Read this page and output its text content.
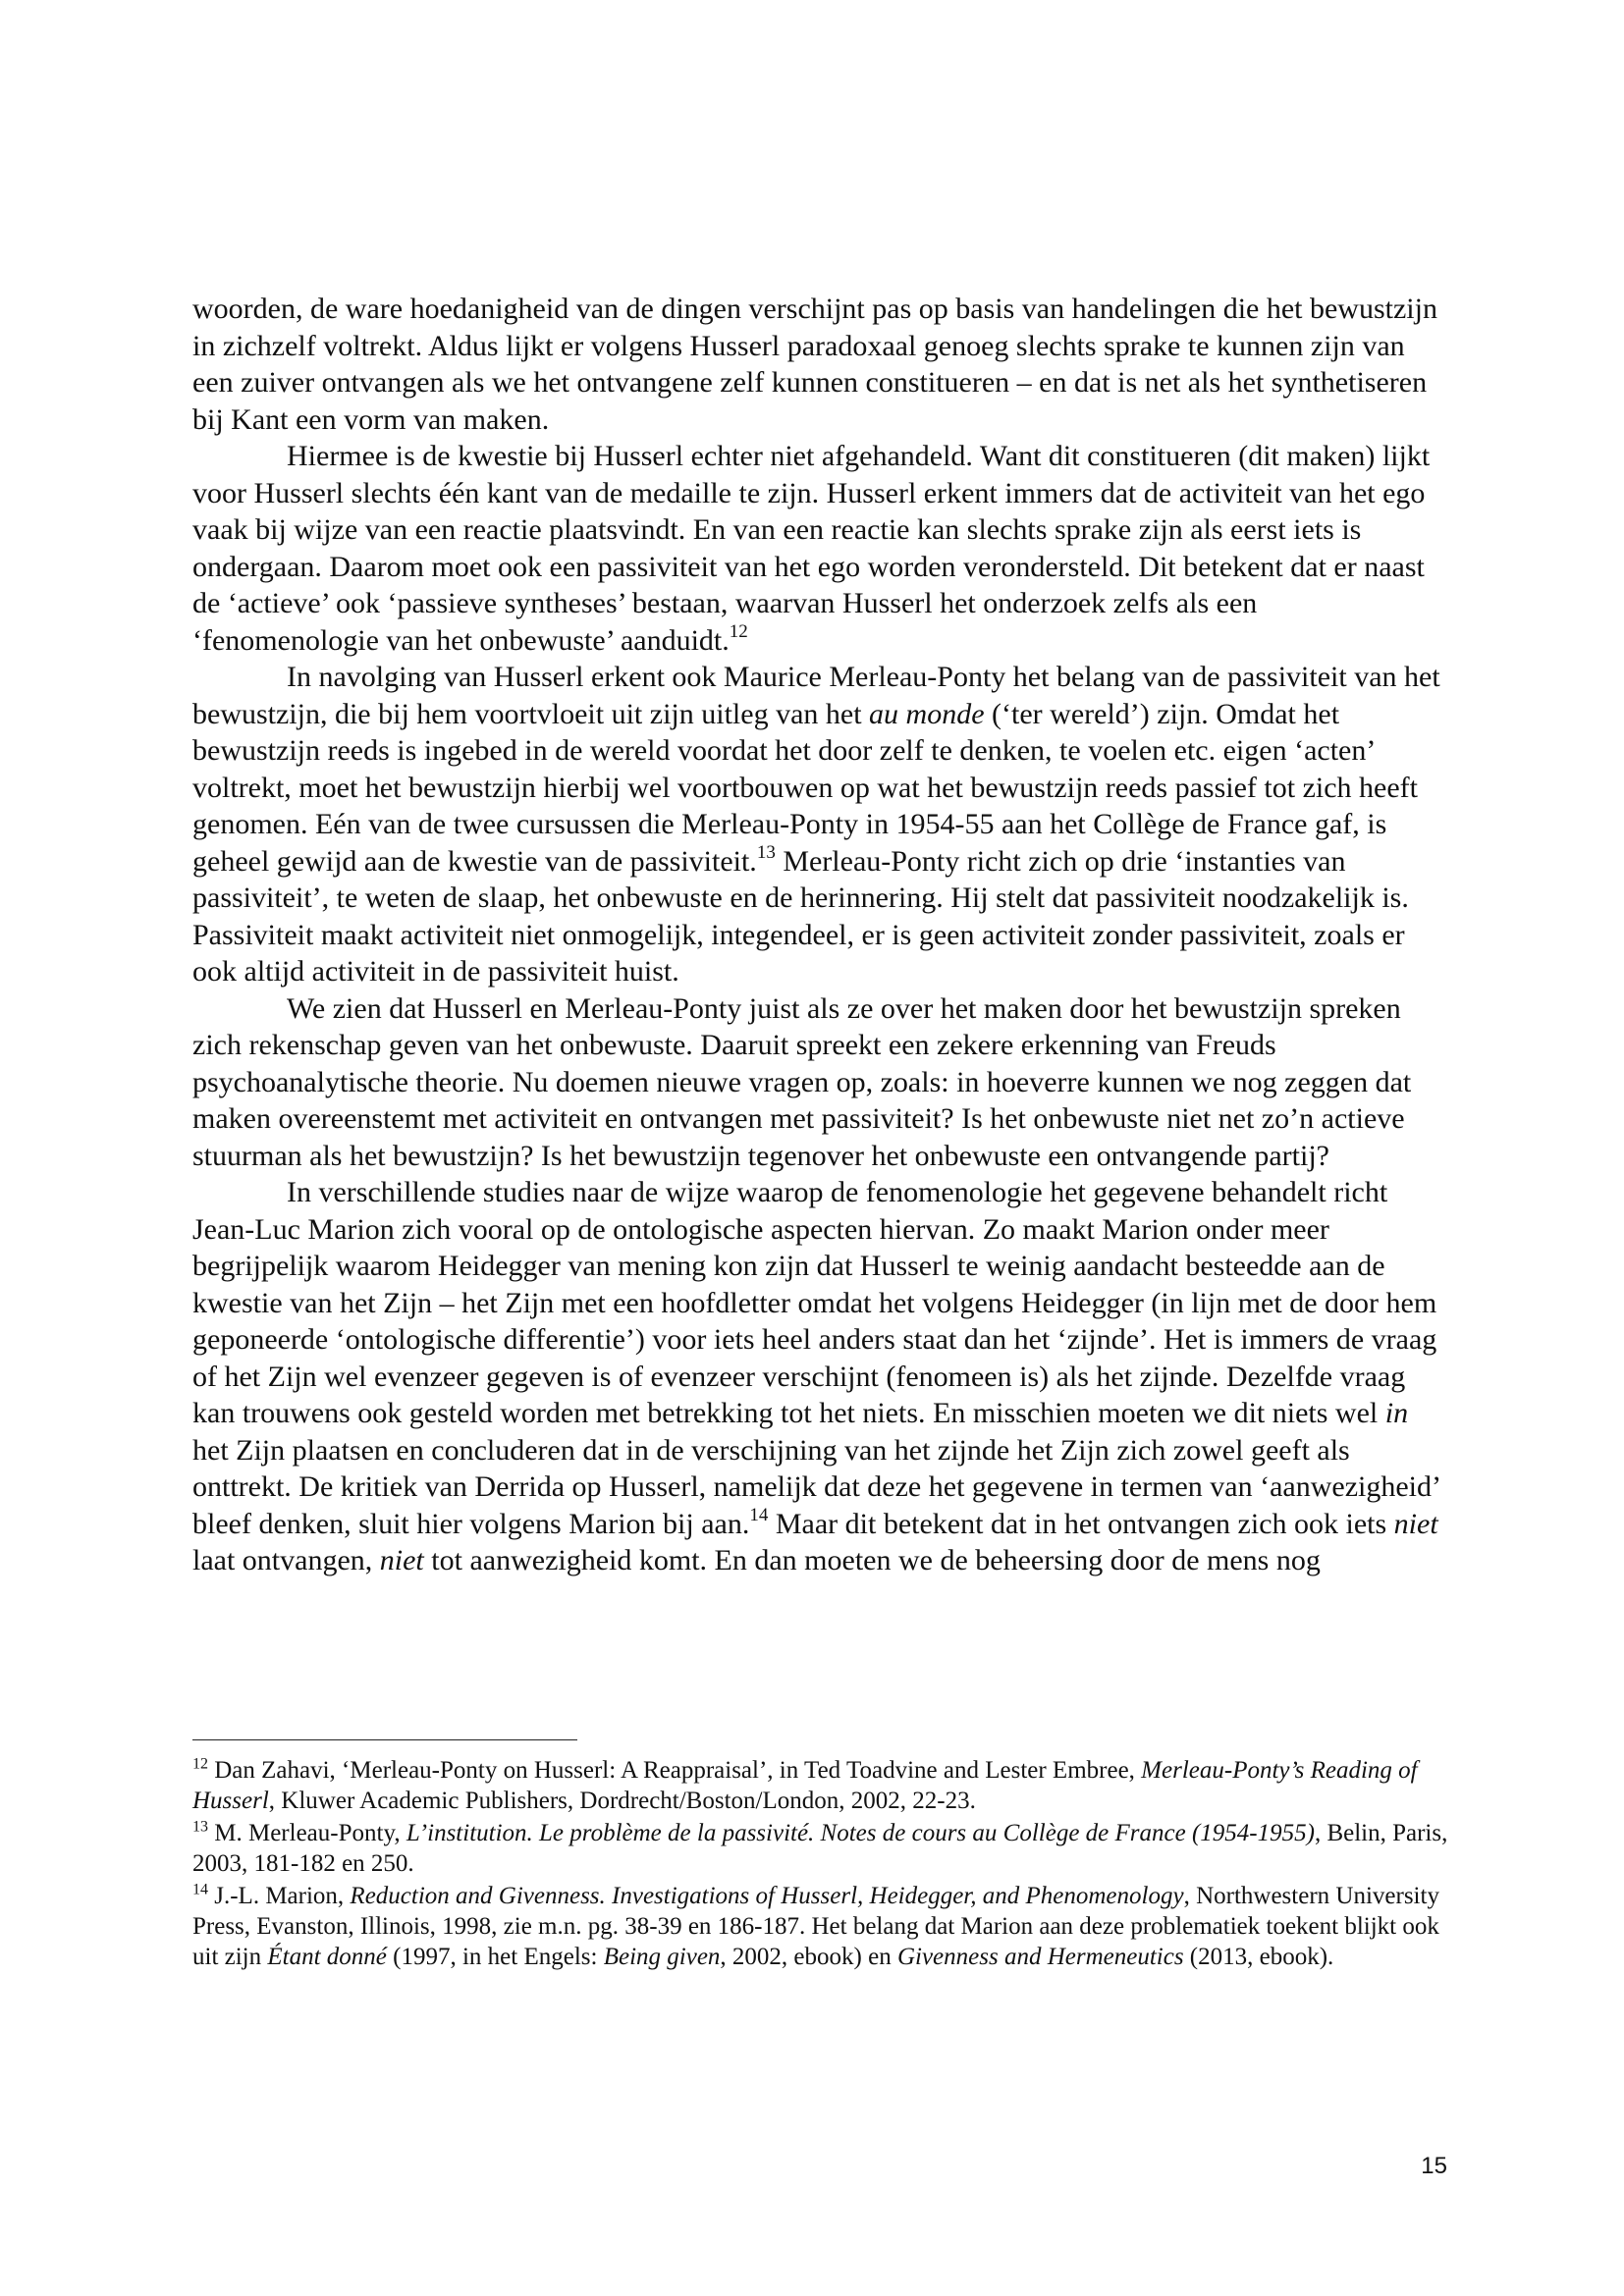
woorden, de ware hoedanigheid van de dingen verschijnt pas op basis van handelingen die het bewustzijn in zichzelf voltrekt. Aldus lijkt er volgens Husserl paradoxaal genoeg slechts sprake te kunnen zijn van een zuiver ontvangen als we het ontvangene zelf kunnen constitueren – en dat is net als het synthetiseren bij Kant een vorm van maken.

Hiermee is de kwestie bij Husserl echter niet afgehandeld. Want dit constitueren (dit maken) lijkt voor Husserl slechts één kant van de medaille te zijn. Husserl erkent immers dat de activiteit van het ego vaak bij wijze van een reactie plaatsvindt. En van een reactie kan slechts sprake zijn als eerst iets is ondergaan. Daarom moet ook een passiviteit van het ego worden verondersteld. Dit betekent dat er naast de ‘actieve’ ook ‘passieve syntheses’ bestaan, waarvan Husserl het onderzoek zelfs als een ‘fenomenologie van het onbewuste’ aanduidt.$^{12}$

In navolging van Husserl erkent ook Maurice Merleau-Ponty het belang van de passiviteit van het bewustzijn, die bij hem voortvloeit uit zijn uitleg van het au monde (‘ter wereld’) zijn. Omdat het bewustzijn reeds is ingebed in de wereld voordat het door zelf te denken, te voelen etc. eigen ‘acten’ voltrekt, moet het bewustzijn hierbij wel voortbouwen op wat het bewustzijn reeds passief tot zich heeft genomen. Eén van de twee cursussen die Merleau-Ponty in 1954-55 aan het Collège de France gaf, is geheel gewijd aan de kwestie van de passiviteit.$^{13}$ Merleau-Ponty richt zich op drie ‘instanties van passiviteit’, te weten de slaap, het onbewuste en de herinnering. Hij stelt dat passiviteit noodzakelijk is. Passiviteit maakt activiteit niet onmogelijk, integendeel, er is geen activiteit zonder passiviteit, zoals er ook altijd activiteit in de passiviteit huist.

We zien dat Husserl en Merleau-Ponty juist als ze over het maken door het bewustzijn spreken zich rekenschap geven van het onbewuste. Daaruit spreekt een zekere erkenning van Freuds psychoanalytische theorie. Nu doemen nieuwe vragen op, zoals: in hoeverre kunnen we nog zeggen dat maken overeenstemt met activiteit en ontvangen met passiviteit? Is het onbewuste niet net zo’n actieve stuurman als het bewustzijn? Is het bewustzijn tegenover het onbewuste een ontvangende partij?

In verschillende studies naar de wijze waarop de fenomenologie het gegevene behandelt richt Jean-Luc Marion zich vooral op de ontologische aspecten hiervan. Zo maakt Marion onder meer begrijpelijk waarom Heidegger van mening kon zijn dat Husserl te weinig aandacht besteedde aan de kwestie van het Zijn – het Zijn met een hoofdletter omdat het volgens Heidegger (in lijn met de door hem geponeerde ‘ontologische differentie’) voor iets heel anders staat dan het ‘zijnde’. Het is immers de vraag of het Zijn wel evenzeer gegeven is of evenzeer verschijnt (fenomeen is) als het zijnde. Dezelfde vraag kan trouwens ook gesteld worden met betrekking tot het niets. En misschien moeten we dit niets wel in het Zijn plaatsen en concluderen dat in de verschijning van het zijnde het Zijn zich zowel geeft als onttrekt. De kritiek van Derrida op Husserl, namelijk dat deze het gegevene in termen van ‘aanwezigheid’ bleef denken, sluit hier volgens Marion bij aan.$^{14}$ Maar dit betekent dat in het ontvangen zich ook iets niet laat ontvangen, niet tot aanwezigheid komt. En dan moeten we de beheersing door de mens nog

$^{12}$ Dan Zahavi, ‘Merleau-Ponty on Husserl: A Reappraisal’, in Ted Toadvine and Lester Embree, Merleau-Ponty’s Reading of Husserl, Kluwer Academic Publishers, Dordrecht/Boston/London, 2002, 22-23.

$^{13}$ M. Merleau-Ponty, L’institution. Le problème de la passivité. Notes de cours au Collège de France (1954-1955), Belin, Paris, 2003, 181-182 en 250.

$^{14}$ J.-L. Marion, Reduction and Givenness. Investigations of Husserl, Heidegger, and Phenomenology, Northwestern University Press, Evanston, Illinois, 1998, zie m.n. pg. 38-39 en 186-187. Het belang dat Marion aan deze problematiek toekent blijkt ook uit zijn Étant donné (1997, in het Engels: Being given, 2002, ebook) en Givenness and Hermeneutics (2013, ebook).

15
